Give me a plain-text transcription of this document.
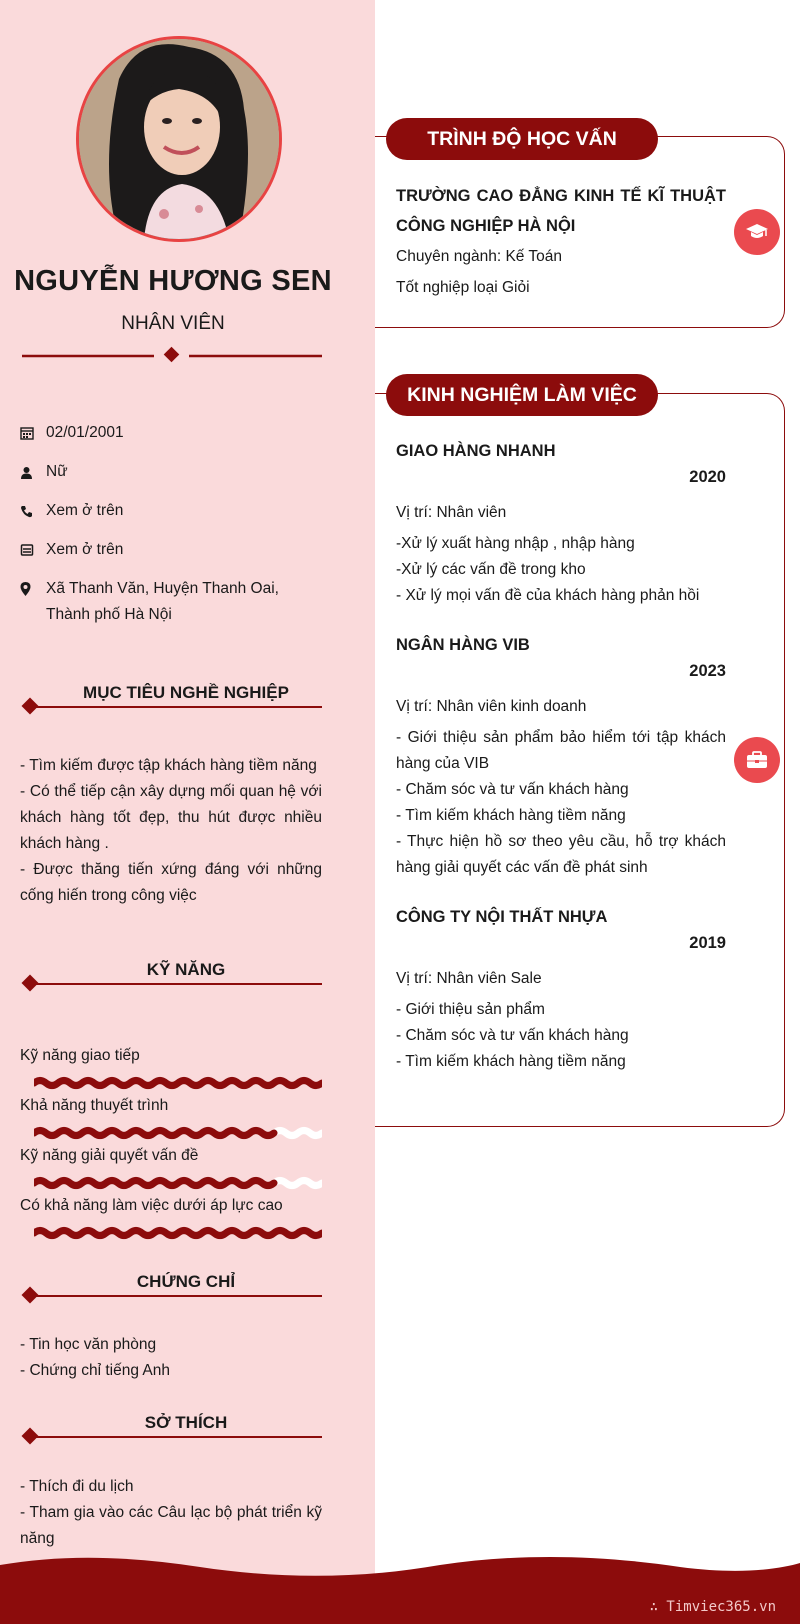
NGUYỄN HƯƠNG SEN
NHÂN VIÊN
02/01/2001
Nữ
Xem ở trên
Xem ở trên
Xã Thanh Văn, Huyện Thanh Oai,
Thành phố Hà Nội
MỤC TIÊU NGHỀ NGHIỆP
- Tìm kiếm được tập khách hàng tiềm năng
- Có thể tiếp cận xây dựng mối quan hệ với khách hàng tốt đẹp, thu hút được nhiều khách hàng .
- Được thăng tiến xứng đáng với những cống hiến trong công việc
KỸ NĂNG
Kỹ năng giao tiếp
Khả năng thuyết trình
Kỹ năng giải quyết vấn đề
Có khả năng làm việc dưới áp lực cao
CHỨNG CHỈ
- Tin học văn phòng
- Chứng chỉ tiếng Anh
SỞ THÍCH
- Thích đi du lịch
- Tham gia vào các Câu lạc bộ phát triển kỹ năng
TRÌNH ĐỘ HỌC VẤN
TRƯỜNG CAO ĐẲNG KINH TẾ KĨ THUẬT CÔNG NGHIỆP HÀ NỘI
Chuyên ngành: Kế Toán
Tốt nghiệp loại Giỏi
KINH NGHIỆM LÀM VIỆC
GIAO HÀNG NHANH
2020
Vị trí: Nhân viên
-Xử lý xuất hàng nhập , nhập hàng
-Xử lý các vấn đề trong kho
- Xử lý mọi vấn đề của khách hàng phản hồi
NGÂN HÀNG VIB
2023
Vị trí: Nhân viên kinh doanh
- Giới thiệu sản phẩm bảo hiểm tới tập khách hàng của VIB
- Chăm sóc và tư vấn khách hàng
- Tìm kiếm khách hàng tiềm năng
- Thực hiện hồ sơ theo yêu cầu, hỗ trợ khách hàng giải quyết các vấn đề phát sinh
CÔNG TY NỘI THẤT NHỰA
2019
Vị trí: Nhân viên Sale
- Giới thiệu sản phẩm
- Chăm sóc và tư vấn khách hàng
- Tìm kiếm khách hàng tiềm năng
∴ Timviec365.vn
